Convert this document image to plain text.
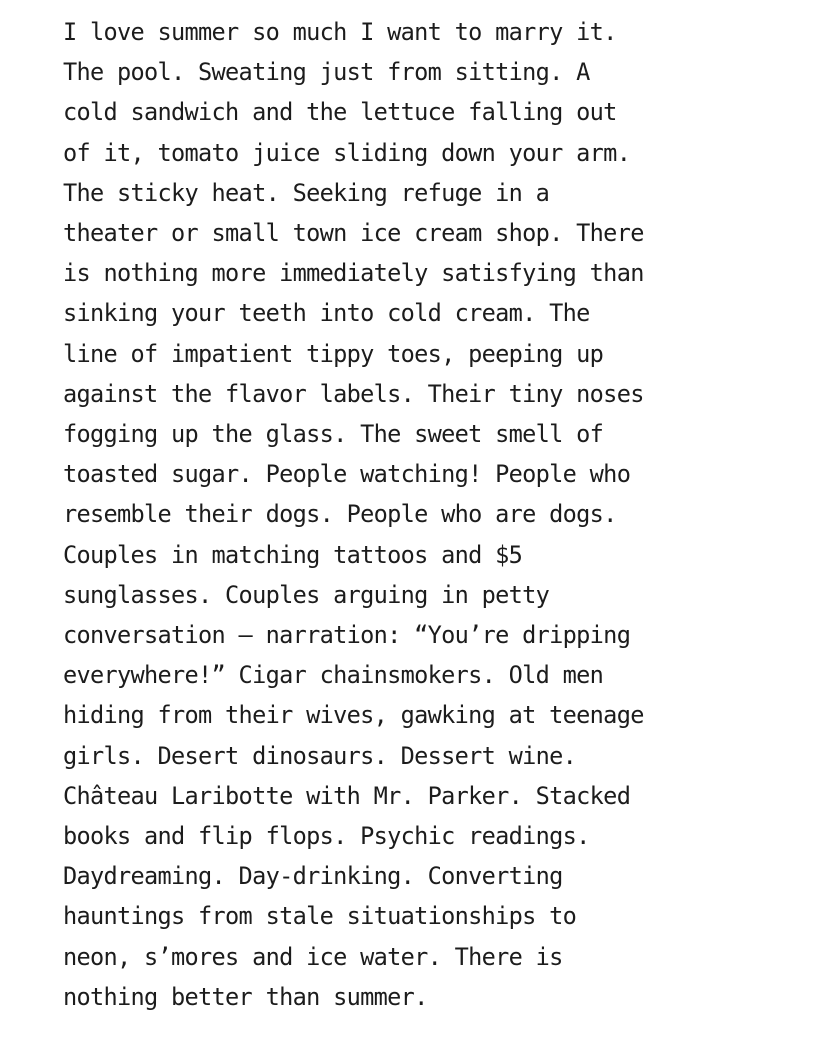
I love summer so much I want to marry it.
The pool. Sweating just from sitting. A
cold sandwich and the lettuce falling out
of it, tomato juice sliding down your arm.
The sticky heat. Seeking refuge in a
theater or small town ice cream shop. There
is nothing more immediately satisfying than
sinking your teeth into cold cream. The
line of impatient tippy toes, peeping up
against the flavor labels. Their tiny noses
fogging up the glass. The sweet smell of
toasted sugar. People watching! People who
resemble their dogs. People who are dogs.
Couples in matching tattoos and $5
sunglasses. Couples arguing in petty
conversation — narration: “You’re dripping
everywhere!” Cigar chainsmokers. Old men
hiding from their wives, gawking at teenage
girls. Desert dinosaurs. Dessert wine.
Château Laribotte with Mr. Parker. Stacked
books and flip flops. Psychic readings.
Daydreaming. Day-drinking. Converting
hauntings from stale situationships to
neon, s’mores and ice water. There is
nothing better than summer.
